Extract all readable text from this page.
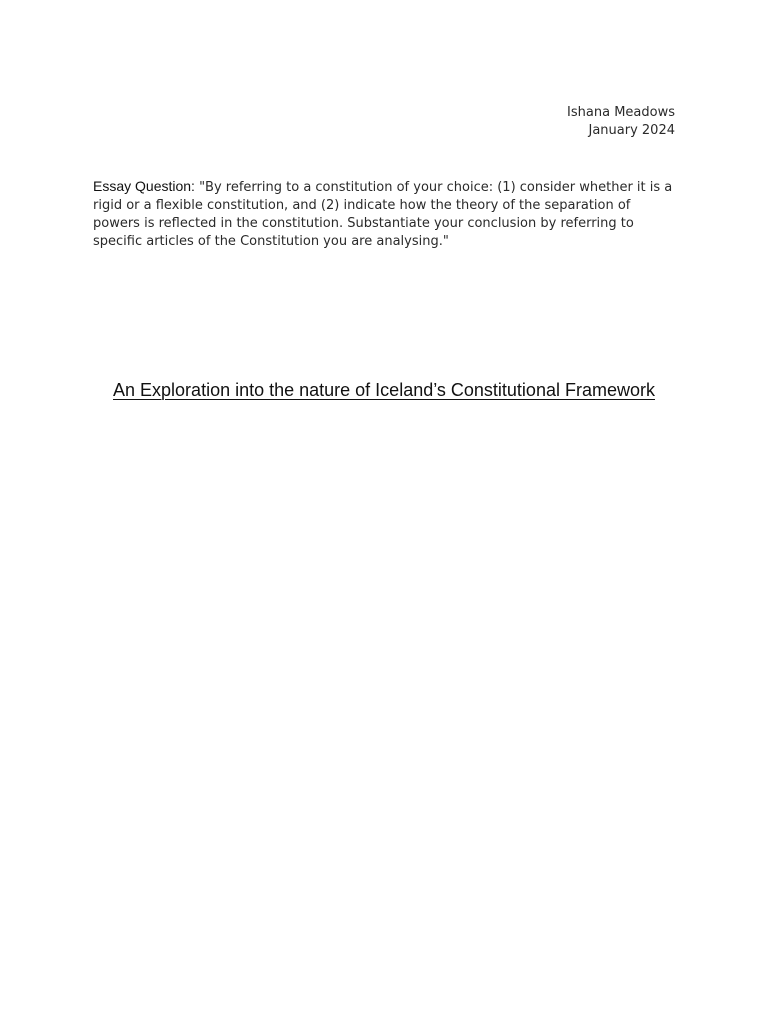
Ishana Meadows
January 2024
Essay Question: "By referring to a constitution of your choice: (1) consider whether it is a rigid or a flexible constitution, and (2) indicate how the theory of the separation of powers is reflected in the constitution. Substantiate your conclusion by referring to specific articles of the Constitution you are analysing."
An Exploration into the nature of Iceland’s Constitutional Framework
